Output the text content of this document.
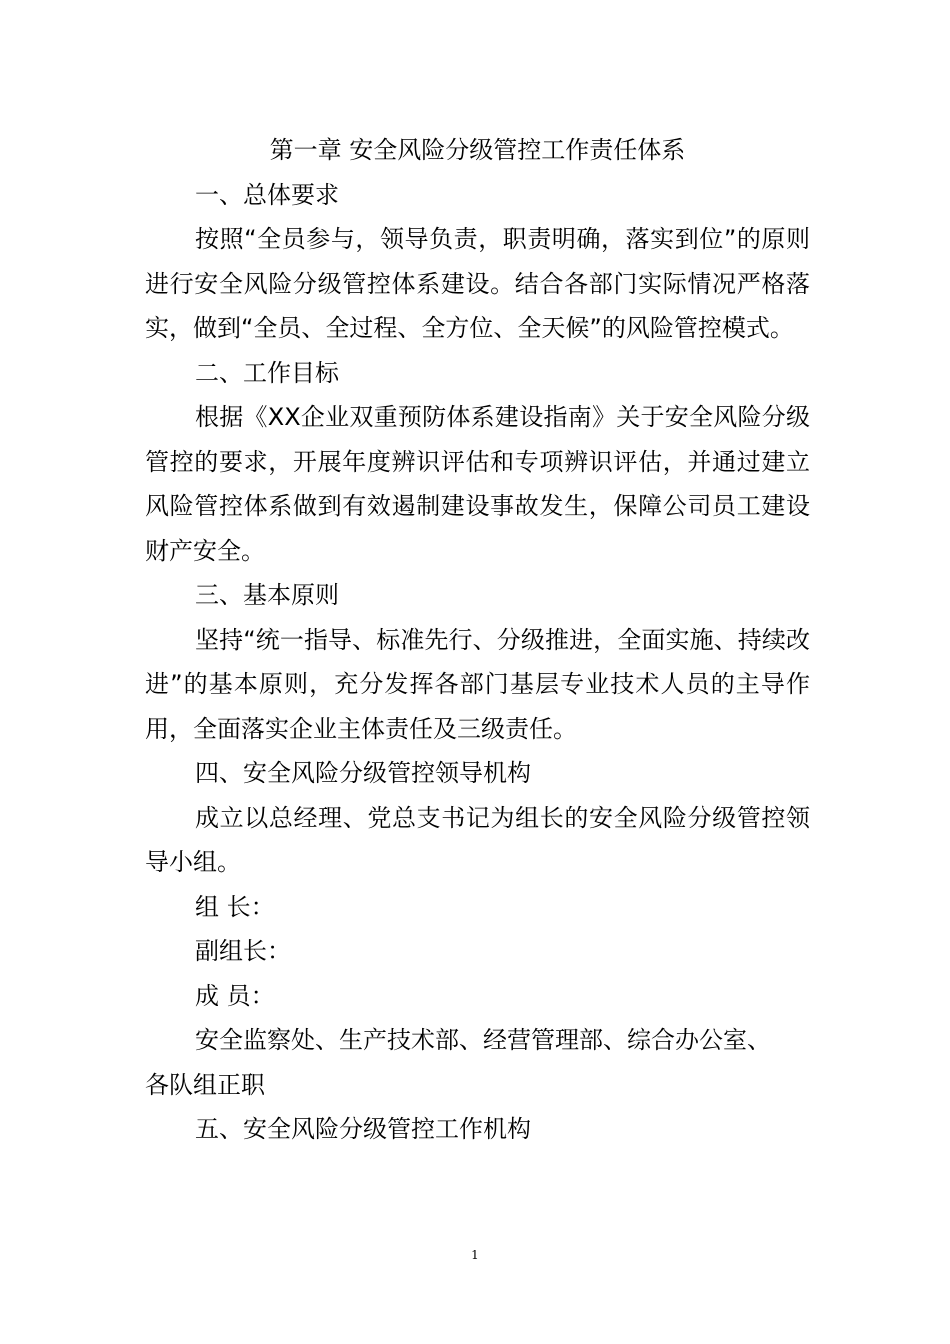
第一章 安全风险分级管控工作责任体系

一、总体要求

按照“全员参与，领导负责，职责明确，落实到位”的原则进行安全风险分级管控体系建设。结合各部门实际情况严格落实，做到“全员、全过程、全方位、全天候”的风险管控模式。

二、工作目标

根据《XX企业双重预防体系建设指南》关于安全风险分级管控的要求，开展年度辨识评估和专项辨识评估，并通过建立风险管控体系做到有效遏制建设事故发生，保障公司员工建设财产安全。

三、基本原则

坚持“统一指导、标准先行、分级推进，全面实施、持续改进”的基本原则，充分发挥各部门基层专业技术人员的主导作用，全面落实企业主体责任及三级责任。

四、安全风险分级管控领导机构

成立以总经理、党总支书记为组长的安全风险分级管控领导小组。

组 长：

副组长：

成 员：

安全监察处、生产技术部、经营管理部、综合办公室、

各队组正职

五、安全风险分级管控工作机构

1
